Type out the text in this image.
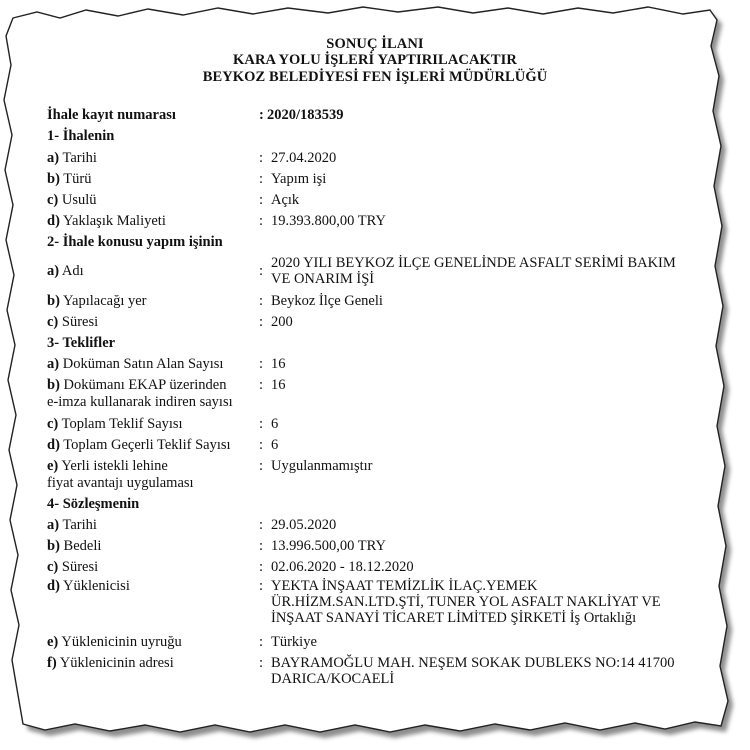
SONUÇ İLANI
KARA YOLU İŞLERİ YAPTIRILACAKTIR
BEYKOZ BELEDİYESİ FEN İŞLERİ MÜDÜRLÜĞÜ
İhale kayıt numarası	: 2020/183539
1- İhalenin
a) Tarihi	: 27.04.2020
b) Türü	: Yapım işi
c) Usulü	: Açık
d) Yaklaşık Maliyeti	: 19.393.800,00 TRY
2- İhale konusu yapım işinin
a) Adı	: 2020 YILI BEYKOZ İLÇE GENELİNDE ASFALT SERİMİ BAKIM
VE ONARIM İŞİ
b) Yapılacağı yer	: Beykoz İlçe Geneli
c) Süresi	: 200
3- Teklifler
a) Doküman Satın Alan Sayısı : 16
b) Dokümanı EKAP üzerinden : 16
e-imza kullanarak indiren sayısı
c) Toplam Teklif Sayısı	: 6
d) Toplam Geçerli Teklif Sayısı : 6
e) Yerli istekli lehine	: Uygulanmamıştır
fiyat avantajı uygulaması
4- Sözleşmenin
a) Tarihi	: 29.05.2020
b) Bedeli	: 13.996.500,00 TRY
c) Süresi	: 02.06.2020 - 18.12.2020
d) Yüklenicisi	: YEKTA İNŞAAT TEMİZLİK İLAÇ.YEMEK
ÜR.HİZM.SAN.LTD.ŞTİ, TUNER YOL ASFALT NAKLİYAT VE
İNŞAAT SANAYİ TİCARET LİMİTED ŞİRKETİ İş Ortaklığı
e) Yüklenicinin uyruğu	: Türkiye
f) Yüklenicinin adresi	: BAYRAMOĞLU MAH. NEŞEM SOKAK DUBLEKS NO:14 41700
DARICA/KOCAELİ
